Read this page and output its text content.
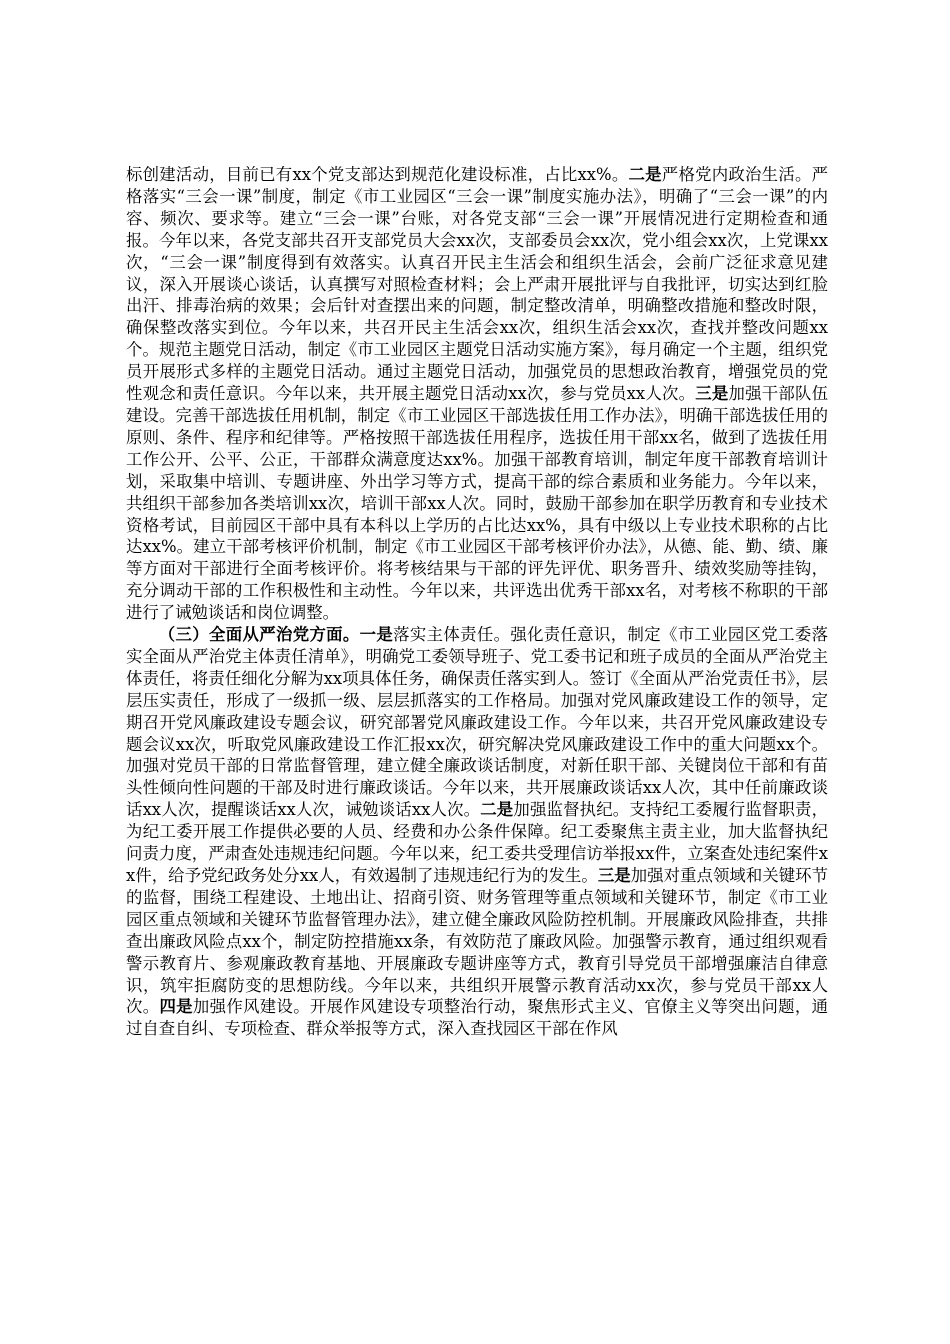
标创建活动，目前已有xx个党支部达到规范化建设标准，占比xx%。二是严格党内政治生活。严格落实“三会一课”制度，制定《市工业园区“三会一课”制度实施办法》，明确了“三会一课”的内容、频次、要求等。建立“三会一课”台账，对各党支部“三会一课”开展情况进行定期检查和通报。今年以来，各党支部共召开支部党员大会xx次，支部委员会xx次，党小组会xx次，上党课xx次，“三会一课”制度得到有效落实。认真召开民主生活会和组织生活会，会前广泛征求意见建议，深入开展谈心谈话，认真撰写对照检查材料；会上严肃开展批评与自我批评，切实达到红脸出汗、排毒治病的效果；会后针对查摆出来的问题，制定整改清单，明确整改措施和整改时限，确保整改落实到位。今年以来，共召开民主生活会xx次，组织生活会xx次，查找并整改问题xx个。规范主题党日活动，制定《市工业园区主题党日活动实施方案》，每月确定一个主题，组织党员开展形式多样的主题党日活动。通过主题党日活动，加强党员的思想政治教育，增强党员的党性观念和责任意识。今年以来，共开展主题党日活动xx次，参与党员xx人次。三是加强干部队伍建设。完善干部选拔任用机制，制定《市工业园区干部选拔任用工作办法》，明确干部选拔任用的原则、条件、程序和纪律等。严格按照干部选拔任用程序，选拔任用干部xx名，做到了选拔任用工作公开、公平、公正，干部群众满意度达xx%。加强干部教育培训，制定年度干部教育培训计划，采取集中培训、专题讲座、外出学习等方式，提高干部的综合素质和业务能力。今年以来，共组织干部参加各类培训xx次，培训干部xx人次。同时，鼓励干部参加在职学历教育和专业技术资格考试，目前园区干部中具有本科以上学历的占比达xx%，具有中级以上专业技术职称的占比达xx%。建立干部考核评价机制，制定《市工业园区干部考核评价办法》，从德、能、勤、绩、廉等方面对干部进行全面考核评价。将考核结果与干部的评先评优、职务晋升、绩效奖励等挂钩，充分调动干部的工作积极性和主动性。今年以来，共评选出优秀干部xx名，对考核不称职的干部进行了诫勉谈话和岗位调整。

（三）全面从严治党方面。一是落实主体责任。强化责任意识，制定《市工业园区党工委落实全面从严治党主体责任清单》，明确党工委领导班子、党工委书记和班子成员的全面从严治党主体责任，将责任细化分解为xx项具体任务，确保责任落实到人。签订《全面从严治党责任书》，层层压实责任，形成了一级抓一级、层层抓落实的工作格局。加强对党风廉政建设工作的领导，定期召开党风廉政建设专题会议，研究部署党风廉政建设工作。今年以来，共召开党风廉政建设专题会议xx次，听取党风廉政建设工作汇报xx次，研究解决党风廉政建设工作中的重大问题xx个。加强对党员干部的日常监督管理，建立健全廉政谈话制度，对新任职干部、关键岗位干部和有苗头性倾向性问题的干部及时进行廉政谈话。今年以来，共开展廉政谈话xx人次，其中任前廉政谈话xx人次，提醒谈话xx人次，诫勉谈话xx人次。二是加强监督执纪。支持纪工委履行监督职责，为纪工委开展工作提供必要的人员、经费和办公条件保障。纪工委聚焦主责主业，加大监督执纪问责力度，严肃查处违规违纪问题。今年以来，纪工委共受理信访举报xx件，立案查处违纪案件xx件，给予党纪政务处分xx人，有效遏制了违规违纪行为的发生。三是加强对重点领域和关键环节的监督，围绕工程建设、土地出让、招商引资、财务管理等重点领域和关键环节，制定《市工业园区重点领域和关键环节监督管理办法》，建立健全廉政风险防控机制。开展廉政风险排查，共排查出廉政风险点xx个，制定防控措施xx条，有效防范了廉政风险。加强警示教育，通过组织观看警示教育片、参观廉政教育基地、开展廉政专题讲座等方式，教育引导党员干部增强廉洁自律意识，筑牢拒腐防变的思想防线。今年以来，共组织开展警示教育活动xx次，参与党员干部xx人次。四是加强作风建设。开展作风建设专项整治行动，聚焦形式主义、官僚主义等突出问题，通过自查自纠、专项检查、群众举报等方式，深入查找园区干部在作风
